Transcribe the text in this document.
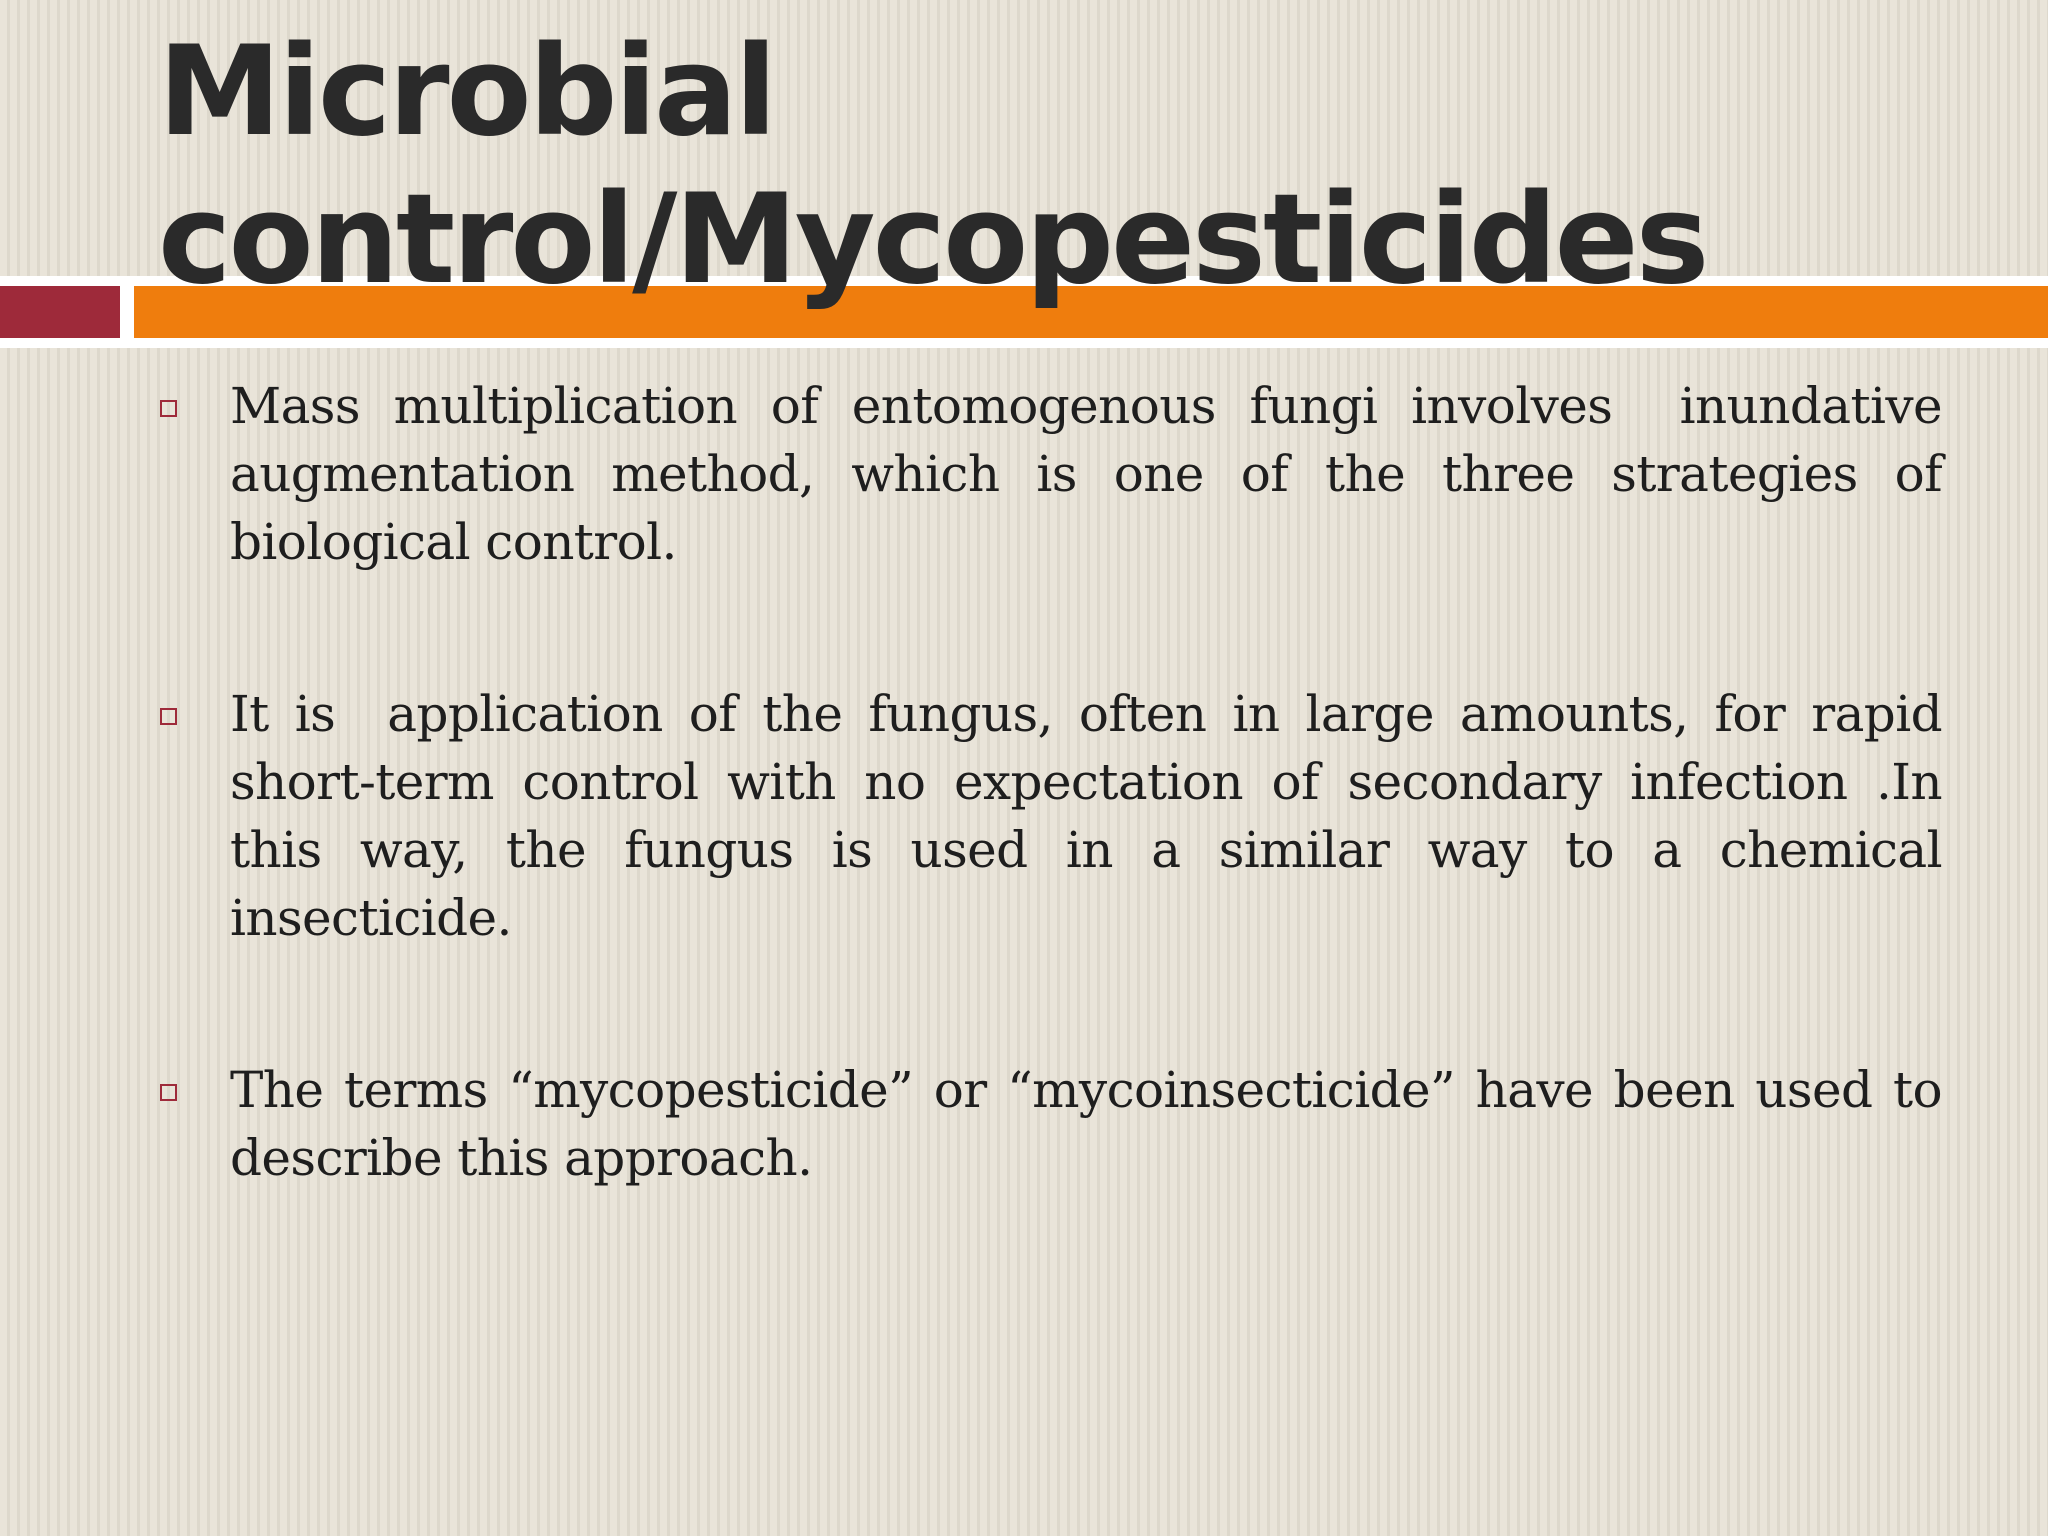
Microbial
control/Mycopesticides
Mass multiplication of entomogenous fungi involves  inundative augmentation method, which is one of the three strategies of biological control.
It is  application of the fungus, often in large amounts, for rapid short-term control with no expectation of secondary infection .In this way, the fungus is used in a similar way to a chemical insecticide.
The terms “mycopesticide” or “mycoinsecticide” have been used to describe this approach.
